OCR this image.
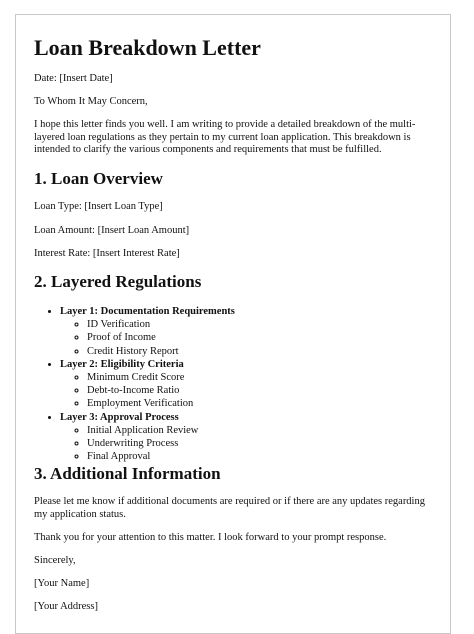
Loan Breakdown Letter

Date: [Insert Date]

To Whom It May Concern,

I hope this letter finds you well. I am writing to provide a detailed breakdown of the multi-layered loan regulations as they pertain to my current loan application. This breakdown is intended to clarify the various components and requirements that must be fulfilled.

1. Loan Overview

Loan Type: [Insert Loan Type]

Loan Amount: [Insert Loan Amount]

Interest Rate: [Insert Interest Rate]

2. Layered Regulations
• Layer 1: Documentation Requirements
◦ ID Verification
◦ Proof of Income
◦ Credit History Report
• Layer 2: Eligibility Criteria
◦ Minimum Credit Score
◦ Debt-to-Income Ratio
◦ Employment Verification
• Layer 3: Approval Process
◦ Initial Application Review
◦ Underwriting Process
◦ Final Approval
3. Additional Information

Please let me know if additional documents are required or if there are any updates regarding my application status.

Thank you for your attention to this matter. I look forward to your prompt response.

Sincerely,

[Your Name]

[Your Address]
